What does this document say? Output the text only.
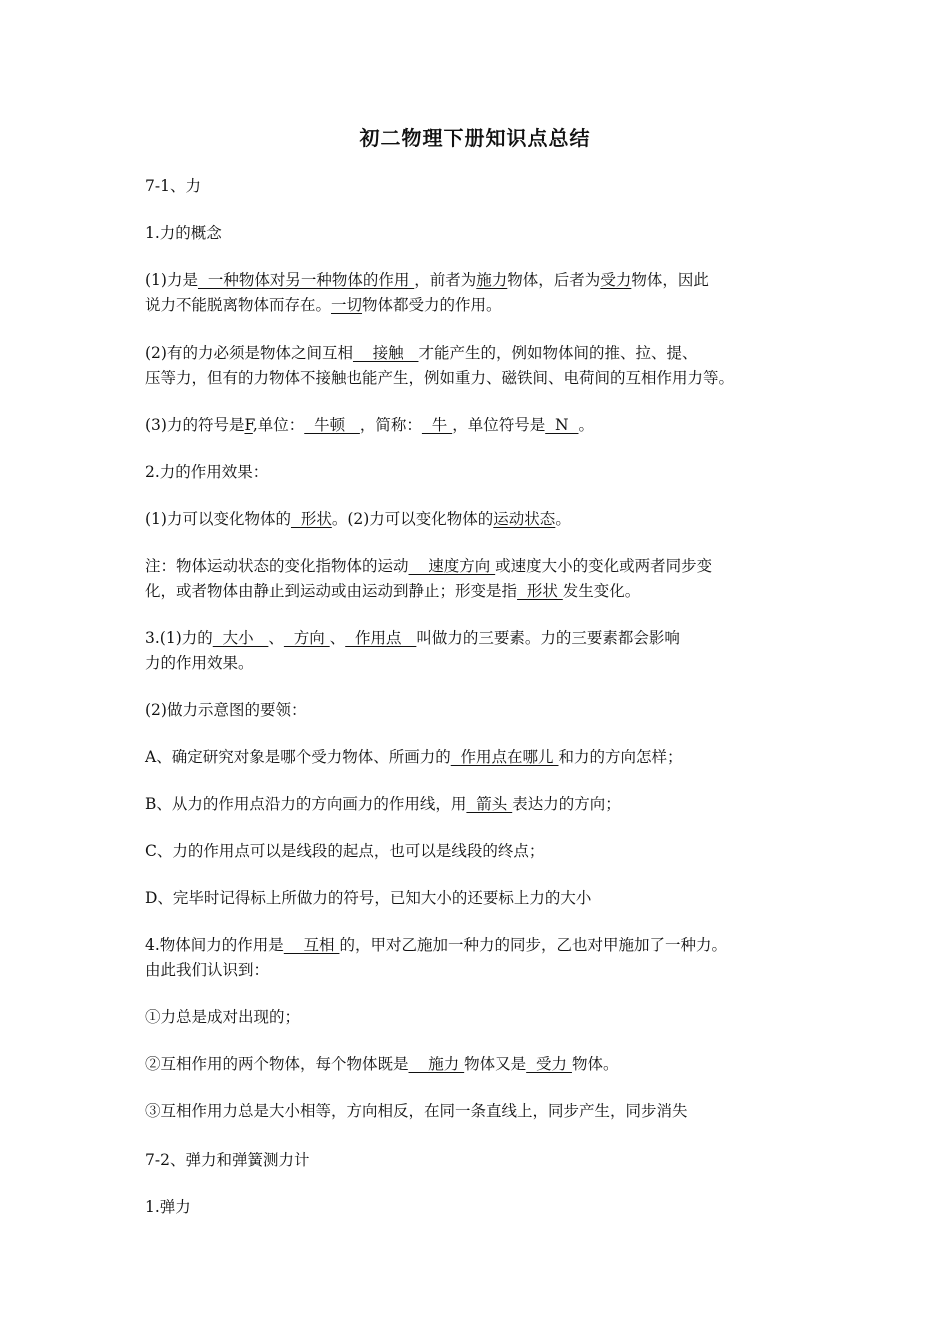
初二物理下册知识点总结
7-1、力
1.力的概念
(1)力是  一种物体对另一种物体的作用 ，前者为施力物体，后者为受力物体，因此
说力不能脱离物体而存在。一切物体都受力的作用。
(2)有的力必须是物体之间互相    接触   才能产生的，例如物体间的推、拉、提、
压等力，但有的力物体不接触也能产生，例如重力、磁铁间、电荷间的互相作用力等。
(3)力的符号是F,单位：  牛顿   ，简称：  牛 ，单位符号是  N  。
2.力的作用效果：
(1)力可以变化物体的  形状。(2)力可以变化物体的运动状态。
注：物体运动状态的变化指物体的运动    速度方向 或速度大小的变化或两者同步变
化，或者物体由静止到运动或由运动到静止；形变是指  形状 发生变化。
3.(1)力的  大小   、  方向 、  作用点   叫做力的三要素。力的三要素都会影响
力的作用效果。
(2)做力示意图的要领：
A、确定研究对象是哪个受力物体、所画力的  作用点在哪儿 和力的方向怎样；
B、从力的作用点沿力的方向画力的作用线，用  箭头 表达力的方向；
C、力的作用点可以是线段的起点，也可以是线段的终点；
D、完毕时记得标上所做力的符号，已知大小的还要标上力的大小
4.物体间力的作用是    互相 的，甲对乙施加一种力的同步，乙也对甲施加了一种力。
由此我们认识到：
①力总是成对出现的；
②互相作用的两个物体，每个物体既是    施力 物体又是  受力 物体。
③互相作用力总是大小相等，方向相反，在同一条直线上，同步产生，同步消失
7-2、弹力和弹簧测力计
1.弹力
